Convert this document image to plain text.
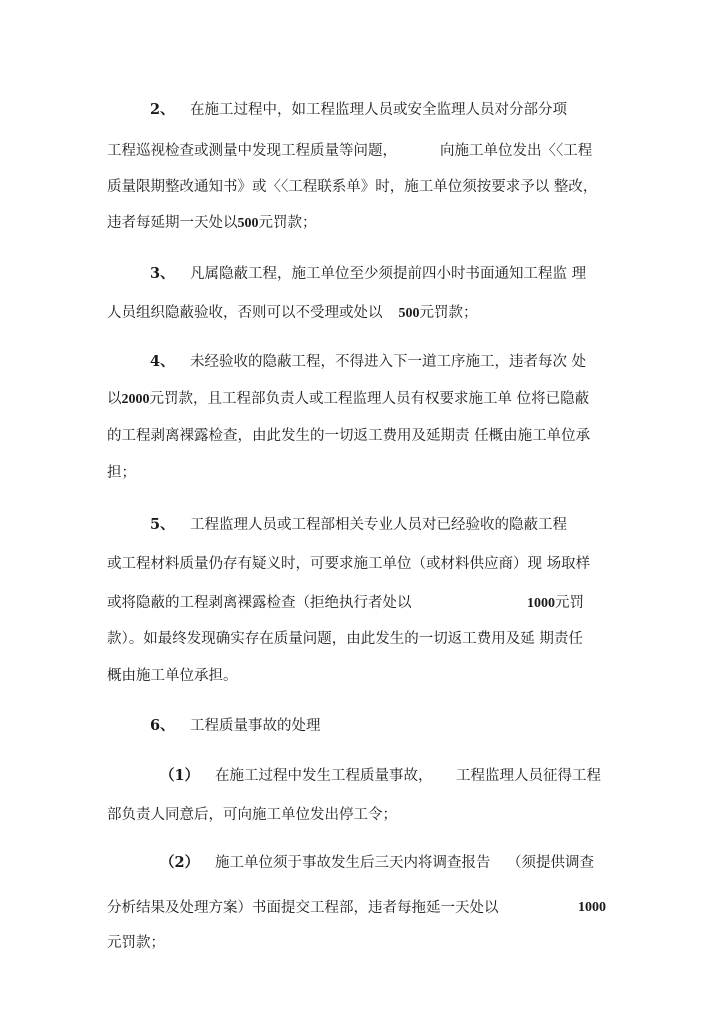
2、 在施工过程中，如工程监理人员或安全监理人员对分部分项
工程巡视检查或测量中发现工程质量等问题，	向施工单位发出〈〈工程
质量限期整改通知书》或〈〈工程联系单》时，施工单位须按要求予以 整改，
违者每延期一天处以500元罚款；
3、 凡属隐蔽工程，施工单位至少须提前四小时书面通知工程监 理
人员组织隐蔽验收，否则可以不受理或处以 500元罚款；
4、 未经验收的隐蔽工程，不得进入下一道工序施工，违者每次 处
以2000元罚款，且工程部负责人或工程监理人员有权要求施工单 位将已隐蔽
的工程剥离裸露检查，由此发生的一切返工费用及延期责 任概由施工单位承
担；
5、 工程监理人员或工程部相关专业人员对已经验收的隐蔽工程
或工程材料质量仍存有疑义时，可要求施工单位（或材料供应商）现 场取样
或将隐蔽的工程剥离裸露检查（拒绝执行者处以	1000元罚
款）。如最终发现确实存在质量问题，由此发生的一切返工费用及延 期责任
概由施工单位承担。
6、 工程质量事故的处理
（1） 在施工过程中发生工程质量事故， 工程监理人员征得工程
部负责人同意后，可向施工单位发出停工令；
（2） 施工单位须于事故发生后三天内将调查报告 （须提供调查
分析结果及处理方案）书面提交工程部，违者每拖延一天处以	1000
元罚款；
